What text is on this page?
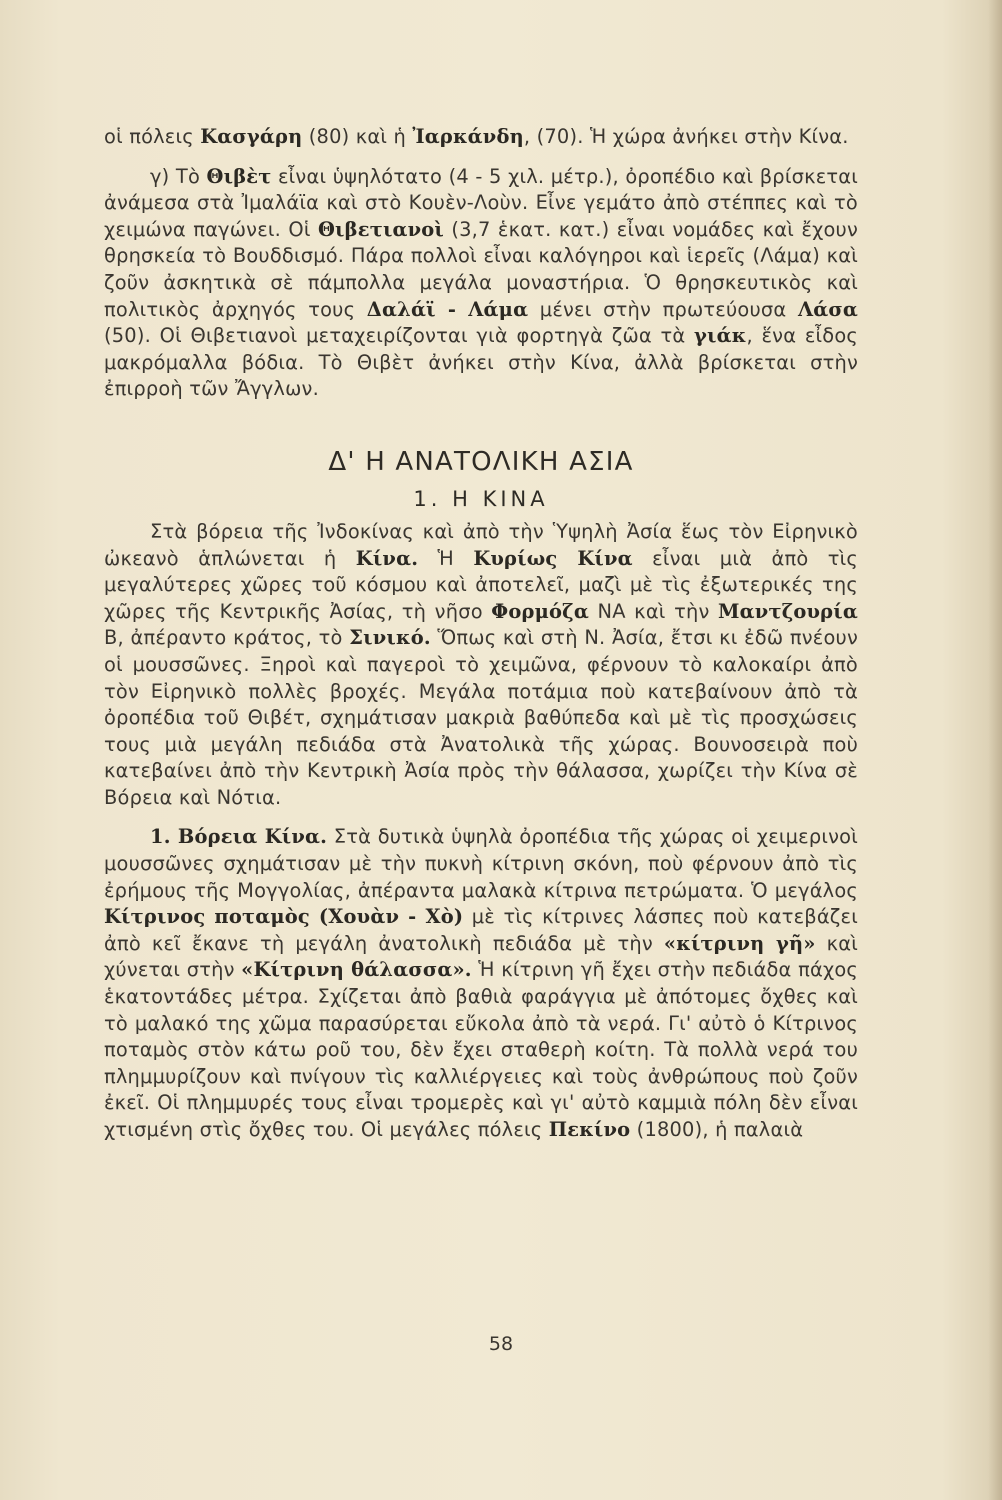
οἱ πόλεις Κασγάρη (80) καὶ ἡ Ἰαρκάνδη, (70). Ἡ χώρα ἀνήκει στὴν Κίνα.

γ) Τὸ Θιβὲτ εἶναι ὑψηλότατο (4 - 5 χιλ. μέτρ.), ὀροπέδιο καὶ βρίσκεται ἀνάμεσα στὰ Ἰμαλάϊα καὶ στὸ Κουὲν-Λοὺν. Εἶνε γεμάτο ἀπὸ στέππες καὶ τὸ χειμώνα παγώνει. Οἱ Θιβετιανοὶ (3,7 ἑκατ. κατ.) εἶναι νομάδες καὶ ἔχουν θρησκεία τὸ Βουδδισμό. Πάρα πολλοὶ εἶναι καλόγηροι καὶ ἱερεῖς (Λάμα) καὶ ζοῦν ἀσκητικὰ σὲ πάμπολλα μεγάλα μοναστήρια. Ὁ θρησκευτικὸς καὶ πολιτικὸς ἀρχηγός τους Δαλάϊ - Λάμα μένει στὴν πρωτεύουσα Λάσα (50). Οἱ Θιβετιανοὶ μεταχειρίζονται γιὰ φορτηγὰ ζῶα τὰ γιάκ, ἕνα εἶδος μακρόμαλλα βόδια. Τὸ Θιβὲτ ἀνήκει στὴν Κίνα, ἀλλὰ βρίσκεται στὴν ἐπιρροὴ τῶν Ἄγγλων.

Δ' Η ΑΝΑΤΟΛΙΚΗ ΑΣΙΑ
1. Η ΚΙΝΑ

Στὰ βόρεια τῆς Ἰνδοκίνας καὶ ἀπὸ τὴν Ὑψηλὴ Ἀσία ἕως τὸν Εἰρηνικὸ ὠκεανὸ ἁπλώνεται ἡ Κίνα. Ἡ Κυρίως Κίνα εἶναι μιὰ ἀπὸ τὶς μεγαλύτερες χῶρες τοῦ κόσμου καὶ ἀποτελεῖ, μαζὶ μὲ τὶς ἐξωτερικές της χῶρες τῆς Κεντρικῆς Ἀσίας, τὴ νῆσο Φορμόζα ΝΑ καὶ τὴν Μαντζουρία Β, ἀπέραντο κράτος, τὸ Σινικό. Ὅπως καὶ στὴ Ν. Ἀσία, ἔτσι κι ἐδῶ πνέουν οἱ μουσσῶνες. Ξηροὶ καὶ παγεροὶ τὸ χειμῶνα, φέρνουν τὸ καλοκαίρι ἀπὸ τὸν Εἰρηνικὸ πολλὲς βροχές. Μεγάλα ποτάμια ποὺ κατεβαίνουν ἀπὸ τὰ ὀροπέδια τοῦ Θιβέτ, σχημάτισαν μακριὰ βαθύπεδα καὶ μὲ τὶς προσχώσεις τους μιὰ μεγάλη πεδιάδα στὰ Ἀνατολικὰ τῆς χώρας. Βουνοσειρὰ ποὺ κατεβαίνει ἀπὸ τὴν Κεντρικὴ Ἀσία πρὸς τὴν θάλασσα, χωρίζει τὴν Κίνα σὲ Βόρεια καὶ Νότια.

1. Βόρεια Κίνα. Στὰ δυτικὰ ὑψηλὰ ὀροπέδια τῆς χώρας οἱ χειμερινοὶ μουσσῶνες σχημάτισαν μὲ τὴν πυκνὴ κίτρινη σκόνη, ποὺ φέρνουν ἀπὸ τὶς ἐρήμους τῆς Μογγολίας, ἀπέραντα μαλακὰ κίτρινα πετρώματα. Ὁ μεγάλος Κίτρινος ποταμὸς (Χουὰν - Χὸ) μὲ τὶς κίτρινες λάσπες ποὺ κατεβάζει ἀπὸ κεῖ ἔκανε τὴ μεγάλη ἀνατολικὴ πεδιάδα μὲ τὴν «κίτρινη γῆ» καὶ χύνεται στὴν «Κίτρινη θάλασσα». Ἡ κίτρινη γῆ ἔχει στὴν πεδιάδα πάχος ἑκατοντάδες μέτρα. Σχίζεται ἀπὸ βαθιὰ φαράγγια μὲ ἀπότομες ὄχθες καὶ τὸ μαλακό της χῶμα παρασύρεται εὔκολα ἀπὸ τὰ νερά. Γι' αὐτὸ ὁ Κίτρινος ποταμὸς στὸν κάτω ροῦ του, δὲν ἔχει σταθερὴ κοίτη. Τὰ πολλὰ νερά του πλημμυρίζουν καὶ πνίγουν τὶς καλλιέργειες καὶ τοὺς ἀνθρώπους ποὺ ζοῦν ἐκεῖ. Οἱ πλημμυρές τους εἶναι τρομερὲς καὶ γι' αὐτὸ καμμιὰ πόλη δὲν εἶναι χτισμένη στὶς ὄχθες του. Οἱ μεγάλες πόλεις Πεκίνο (1800), ἡ παλαιὰ

58
